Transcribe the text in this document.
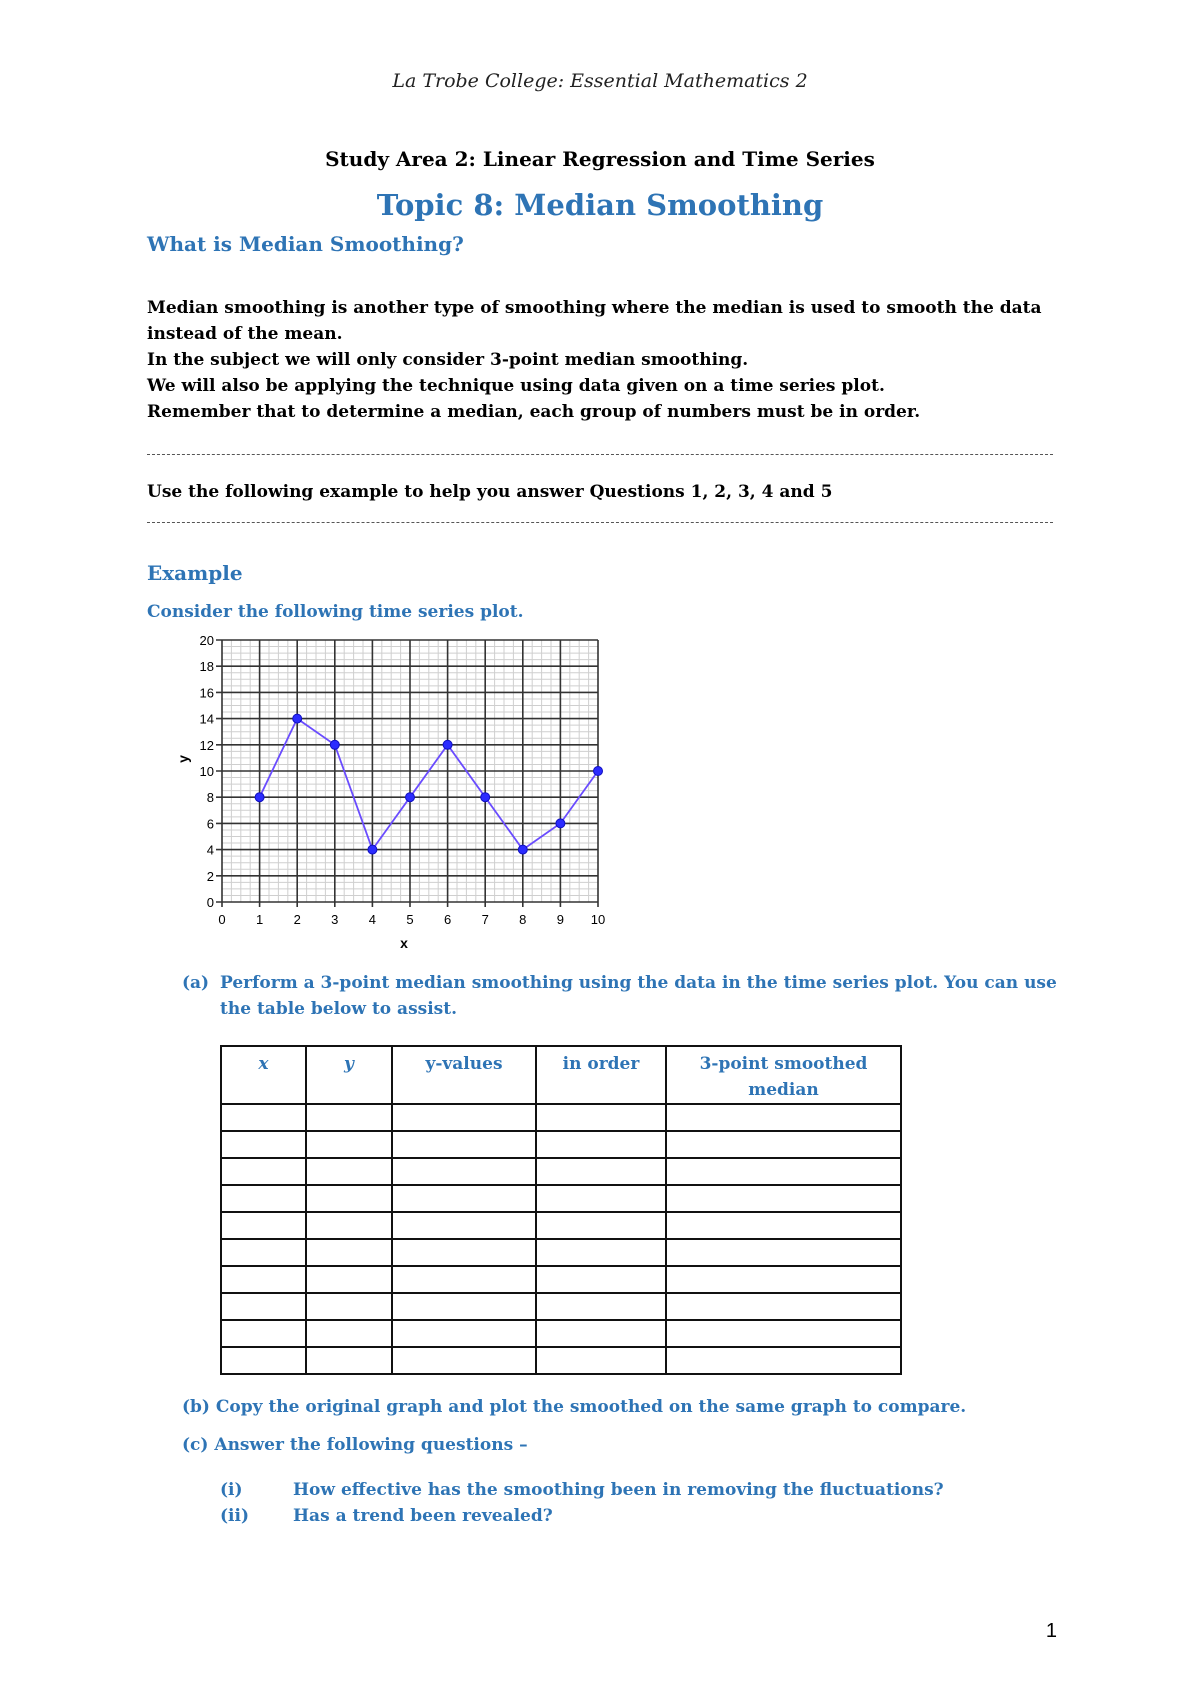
La Trobe College: Essential Mathematics 2
Study Area 2: Linear Regression and Time Series
Topic 8: Median Smoothing
What is Median Smoothing?
Median smoothing is another type of smoothing where the median is used to smooth the data
instead of the mean.
In the subject we will only consider 3-point median smoothing.
We will also be applying the technique using data given on a time series plot.
Remember that to determine a median, each group of numbers must be in order.
Use the following example to help you answer Questions 1, 2, 3, 4 and 5
Example
Consider the following time series plot.
0 1 2 3 4 5 6 7 8 9 10
0
2
4
6
8
10
12
14
16
18
20
x
y
(a) Perform a 3-point median smoothing using the data in the time series plot. You can use the table below to assist.
x	y	y-values	in order	3-point smoothed median

(b) Copy the original graph and plot the smoothed on the same graph to compare.
(c) Answer the following questions –
(i)	How effective has the smoothing been in removing the fluctuations?
(ii)	Has a trend been revealed?
1
